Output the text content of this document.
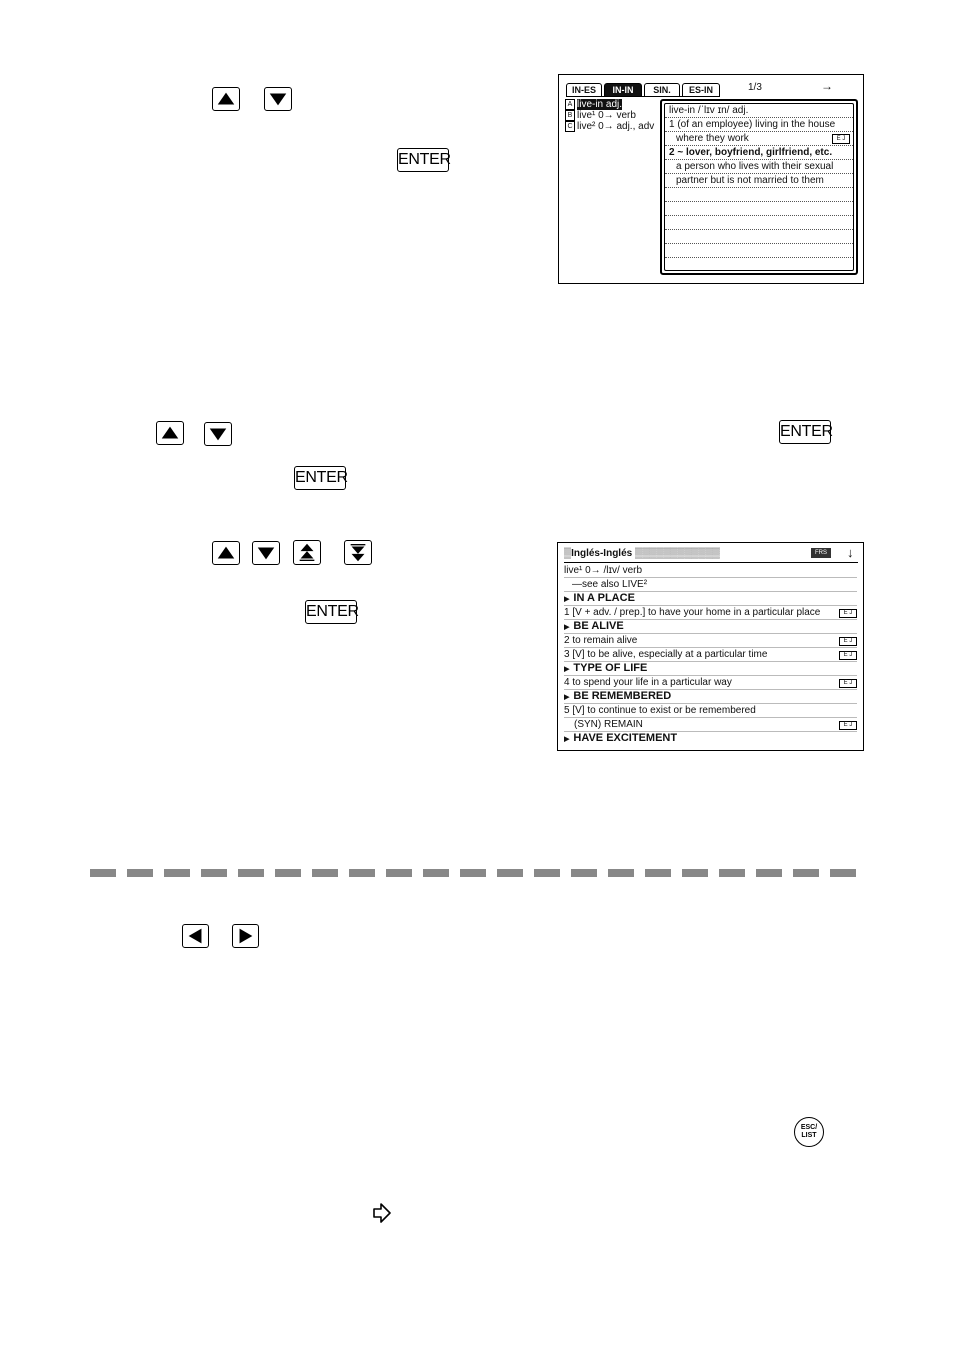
ENTER
IN-ES	IN-IN	SIN.	ES-IN	1/3	→
A live-in adj.
B live¹ 0→ verb
C live² 0→ adj., adv
live-in /ˈlɪv ɪn/ adj.
1 (of an employee) living in the house
where they work	E J
2 ~ lover, boyfriend, girlfriend, etc.
a person who lives with their sexual
partner but is not married to them
ENTER
ENTER
ENTER
▒Inglés-Inglés ▒▒▒▒▒▒▒▒▒▒▒▒	FRS	↓
live¹ 0→ /lɪv/ verb
—see also LIVE²
▶ IN A PLACE
1 [V + adv. / prep.] to have your home in a particular place	E J
▶ BE ALIVE
2 to remain alive	E J
3 [V] to be alive, especially at a particular time	E J
▶ TYPE OF LIFE
4 to spend your life in a particular way	E J
▶ BE REMEMBERED
5 [V] to continue to exist or be remembered
(SYN) REMAIN	E J
▶ HAVE EXCITEMENT
ESC/
LIST
